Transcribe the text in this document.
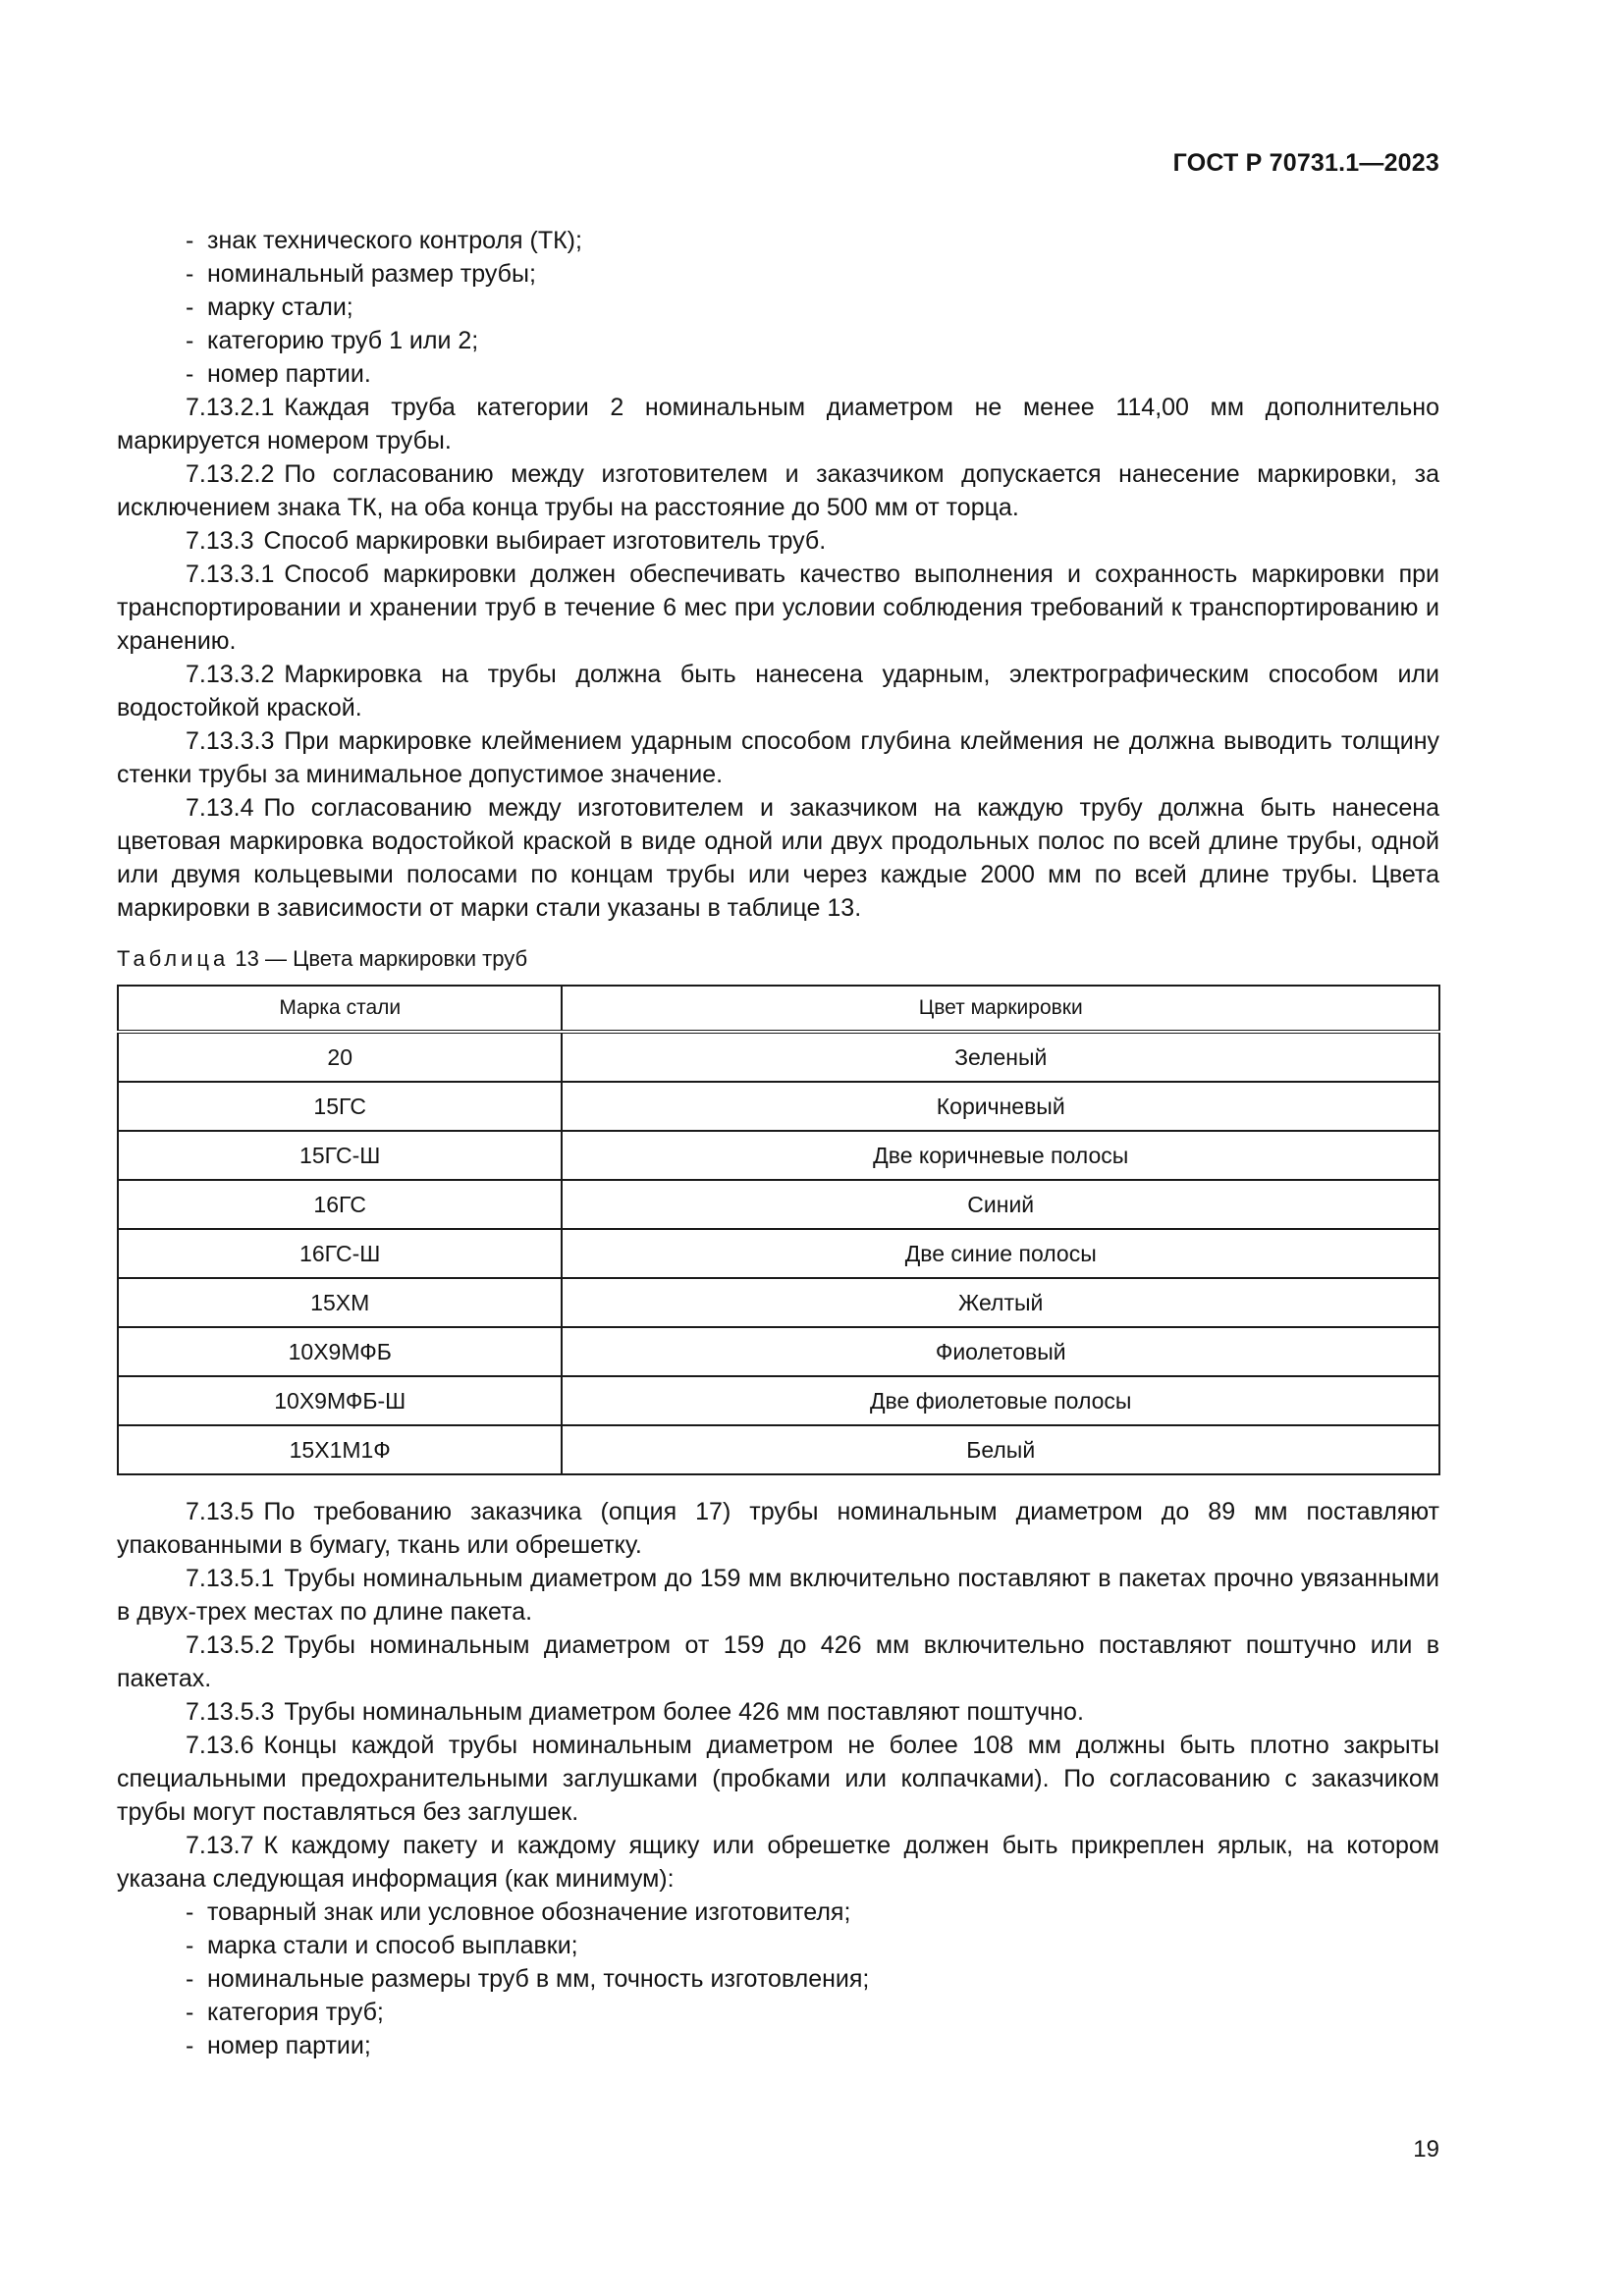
ГОСТ Р 70731.1—2023
- знак технического контроля (ТК);
- номинальный размер трубы;
- марку стали;
- категорию труб 1 или 2;
- номер партии.
7.13.2.1 Каждая труба категории 2 номинальным диаметром не менее 114,00 мм дополнительно маркируется номером трубы.
7.13.2.2 По согласованию между изготовителем и заказчиком допускается нанесение маркировки, за исключением знака ТК, на оба конца трубы на расстояние до 500 мм от торца.
7.13.3 Способ маркировки выбирает изготовитель труб.
7.13.3.1 Способ маркировки должен обеспечивать качество выполнения и сохранность маркировки при транспортировании и хранении труб в течение 6 мес при условии соблюдения требований к транспортированию и хранению.
7.13.3.2 Маркировка на трубы должна быть нанесена ударным, электрографическим способом или водостойкой краской.
7.13.3.3 При маркировке клеймением ударным способом глубина клеймения не должна выводить толщину стенки трубы за минимальное допустимое значение.
7.13.4 По согласованию между изготовителем и заказчиком на каждую трубу должна быть нанесена цветовая маркировка водостойкой краской в виде одной или двух продольных полос по всей длине трубы, одной или двумя кольцевыми полосами по концам трубы или через каждые 2000 мм по всей длине трубы. Цвета маркировки в зависимости от марки стали указаны в таблице 13.
Таблица 13 — Цвета маркировки труб
Марка стали	Цвет маркировки
20	Зеленый
15ГС	Коричневый
15ГС-Ш	Две коричневые полосы
16ГС	Синий
16ГС-Ш	Две синие полосы
15ХМ	Желтый
10Х9МФБ	Фиолетовый
10Х9МФБ-Ш	Две фиолетовые полосы
15Х1М1Ф	Белый
7.13.5 По требованию заказчика (опция 17) трубы номинальным диаметром до 89 мм поставляют упакованными в бумагу, ткань или обрешетку.
7.13.5.1 Трубы номинальным диаметром до 159 мм включительно поставляют в пакетах прочно увязанными в двух-трех местах по длине пакета.
7.13.5.2 Трубы номинальным диаметром от 159 до 426 мм включительно поставляют поштучно или в пакетах.
7.13.5.3 Трубы номинальным диаметром более 426 мм поставляют поштучно.
7.13.6 Концы каждой трубы номинальным диаметром не более 108 мм должны быть плотно закрыты специальными предохранительными заглушками (пробками или колпачками). По согласованию с заказчиком трубы могут поставляться без заглушек.
7.13.7 К каждому пакету и каждому ящику или обрешетке должен быть прикреплен ярлык, на котором указана следующая информация (как минимум):
- товарный знак или условное обозначение изготовителя;
- марка стали и способ выплавки;
- номинальные размеры труб в мм, точность изготовления;
- категория труб;
- номер партии;
19
